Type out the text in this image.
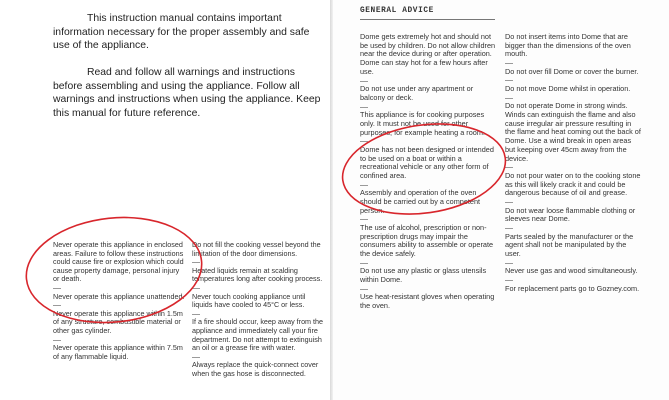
This instruction manual contains important information necessary for the proper assembly and safe use of the appliance.

Read and follow all warnings and instructions before assembling and using the appliance. Follow all warnings and instructions when using the appliance. Keep this manual for future reference.

Never operate this appliance in enclosed areas. Failure to follow these instructions could cause fire or explosion which could cause property damage, personal injury or death.

Never operate this appliance unattended.

Never operate this appliance within 1.5m of any structure, combustible material or other gas cylinder.

Never operate this appliance within 7.5m of any flammable liquid.

Do not fill the cooking vessel beyond the limitation of the door dimensions.

Heated liquids remain at scalding temperatures long after cooking process.

Never touch cooking appliance until liquids have cooled to 45°C or less.

If a fire should occur, keep away from the appliance and immediately call your fire department. Do not attempt to extinguish an oil or a grease fire with water.

Always replace the quick-connect cover when the gas hose is disconnected.

GENERAL ADVICE

Dome gets extremely hot and should not be used by children. Do not allow children near the device during or after operation. Dome can stay hot for a few hours after use.

Do not use under any apartment or balcony or deck.

This appliance is for cooking purposes only. It must not be used for other purposes, for example heating a room.

Dome has not been designed or intended to be used on a boat or within a recreational vehicle or any other form of confined area.

Assembly and operation of the oven should be carried out by a competent person.

The use of alcohol, prescription or non-prescription drugs may impair the consumers ability to assemble or operate the device safely.

Do not use any plastic or glass utensils within Dome.

Use heat-resistant gloves when operating the oven.

Do not insert items into Dome that are bigger than the dimensions of the oven mouth.

Do not over fill Dome or cover the burner.

Do not move Dome whilst in operation.

Do not operate Dome in strong winds. Winds can extinguish the flame and also cause irregular air pressure resulting in the flame and heat coming out the back of Dome. Use a wind break in open areas but keeping over 45cm away from the device.

Do not pour water on to the cooking stone as this will likely crack it and could be dangerous because of oil and grease.

Do not wear loose flammable clothing or sleeves near Dome.

Parts sealed by the manufacturer or the agent shall not be manipulated by the user.

Never use gas and wood simultaneously.

For replacement parts go to Gozney.com.
